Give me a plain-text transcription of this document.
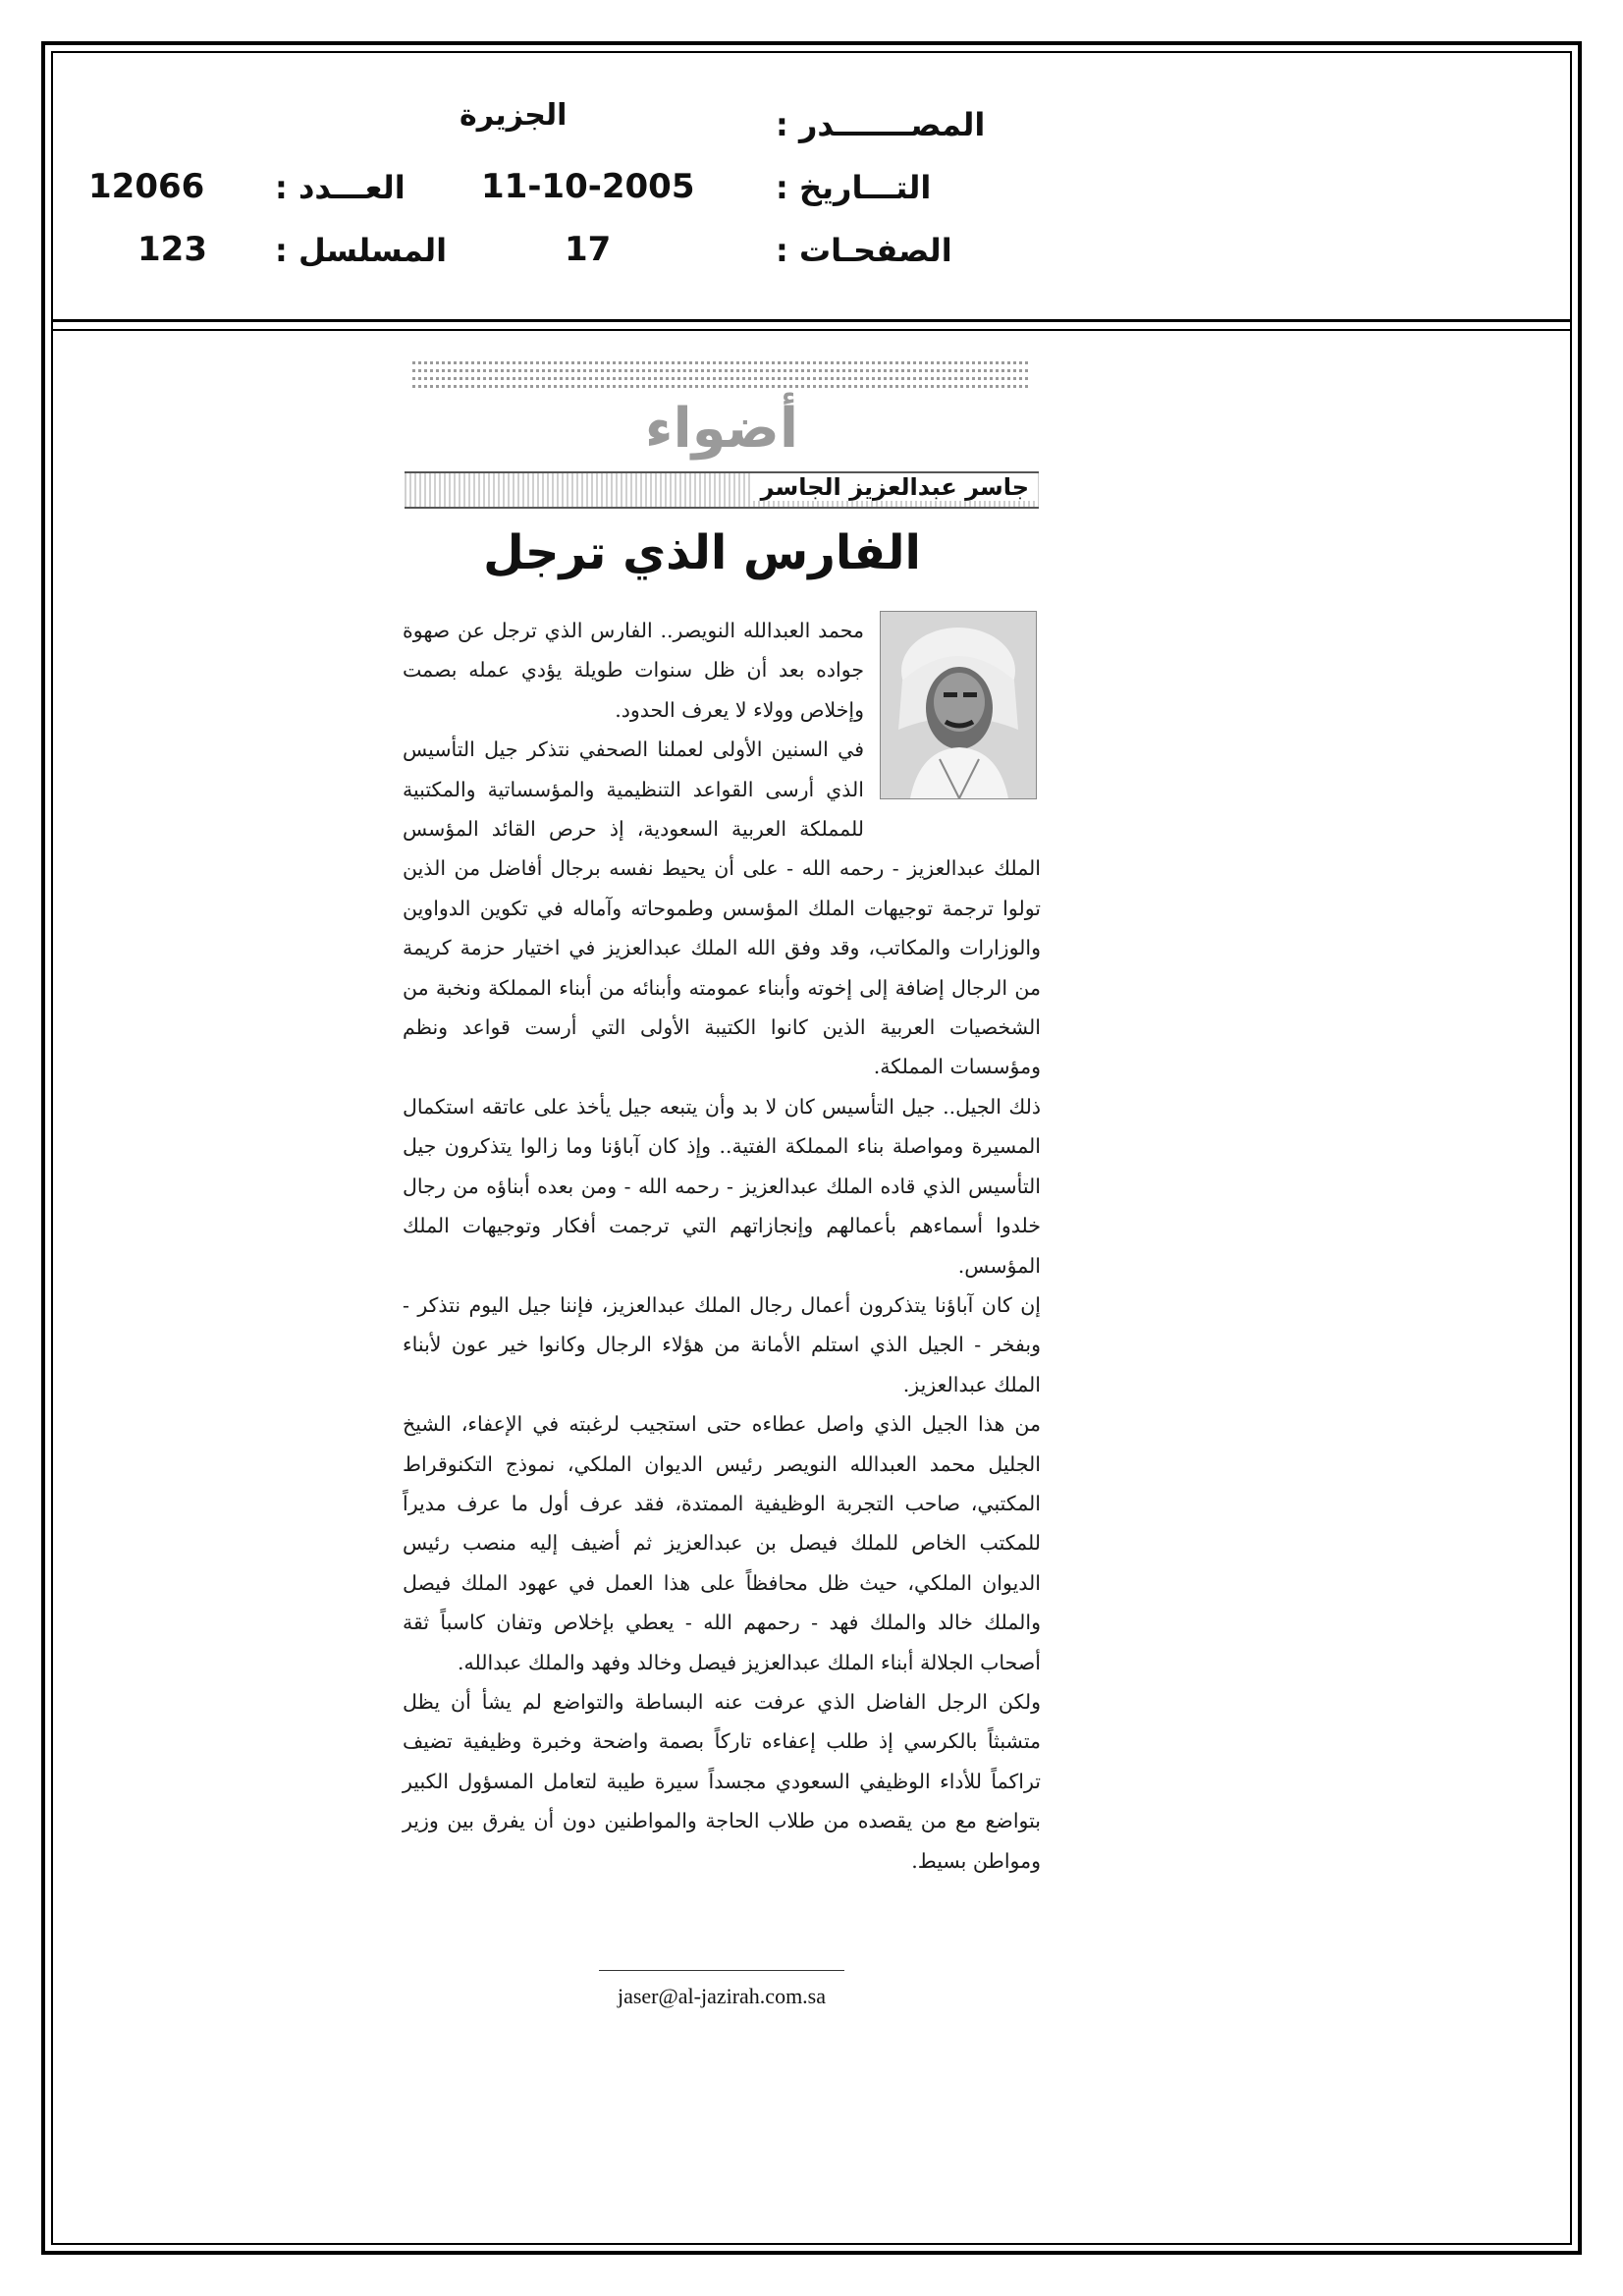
الجزيرة	المصـــــــدر :
11-10-2005	التـــاريخ :
12066 العـــدد :
17	الصفحـات :
123 المسلسل :
أضواء
جاسر عبدالعزيز الجاسر
الفارس الذي ترجل

محمد العبدالله النويصر.. الفارس الذي ترجل عن صهوة جواده بعد أن ظل سنوات طويلة يؤدي عمله بصمت وإخلاص وولاء لا يعرف الحدود.

في السنين الأولى لعملنا الصحفي نتذكر جيل التأسيس الذي أرسى القواعد التنظيمية والمؤسساتية والمكتبية للمملكة العربية السعودية، إذ حرص القائد المؤسس الملك عبدالعزيز - رحمه الله - على أن يحيط نفسه برجال أفاضل من الذين تولوا ترجمة توجيهات الملك المؤسس وطموحاته وآماله في تكوين الدواوين والوزارات والمكاتب، وقد وفق الله الملك عبدالعزيز في اختيار حزمة كريمة من الرجال إضافة إلى إخوته وأبناء عمومته وأبنائه من أبناء المملكة ونخبة من الشخصيات العربية الذين كانوا الكتيبة الأولى التي أرست قواعد ونظم ومؤسسات المملكة.

ذلك الجيل.. جيل التأسيس كان لا بد وأن يتبعه جيل يأخذ على عاتقه استكمال المسيرة ومواصلة بناء المملكة الفتية.. وإذ كان آباؤنا وما زالوا يتذكرون جيل التأسيس الذي قاده الملك عبدالعزيز - رحمه الله - ومن بعده أبناؤه من رجال خلدوا أسماءهم بأعمالهم وإنجازاتهم التي ترجمت أفكار وتوجيهات الملك المؤسس.

إن كان آباؤنا يتذكرون أعمال رجال الملك عبدالعزيز، فإننا جيل اليوم نتذكر - وبفخر - الجيل الذي استلم الأمانة من هؤلاء الرجال وكانوا خير عون لأبناء الملك عبدالعزيز.

من هذا الجيل الذي واصل عطاءه حتى استجيب لرغبته في الإعفاء، الشيخ الجليل محمد العبدالله النويصر رئيس الديوان الملكي، نموذج التكنوقراط المكتبي، صاحب التجربة الوظيفية الممتدة، فقد عرف أول ما عرف مديراً للمكتب الخاص للملك فيصل بن عبدالعزيز ثم أضيف إليه منصب رئيس الديوان الملكي، حيث ظل محافظاً على هذا العمل في عهود الملك فيصل والملك خالد والملك فهد - رحمهم الله - يعطي بإخلاص وتفان كاسباً ثقة أصحاب الجلالة أبناء الملك عبدالعزيز فيصل وخالد وفهد والملك عبدالله.

ولكن الرجل الفاضل الذي عرفت عنه البساطة والتواضع لم يشأ أن يظل متشبثاً بالكرسي إذ طلب إعفاءه تاركاً بصمة واضحة وخبرة وظيفية تضيف تراكماً للأداء الوظيفي السعودي مجسداً سيرة طيبة لتعامل المسؤول الكبير بتواضع مع من يقصده من طلاب الحاجة والمواطنين دون أن يفرق بين وزير ومواطن بسيط.

jaser@al-jazirah.com.sa
